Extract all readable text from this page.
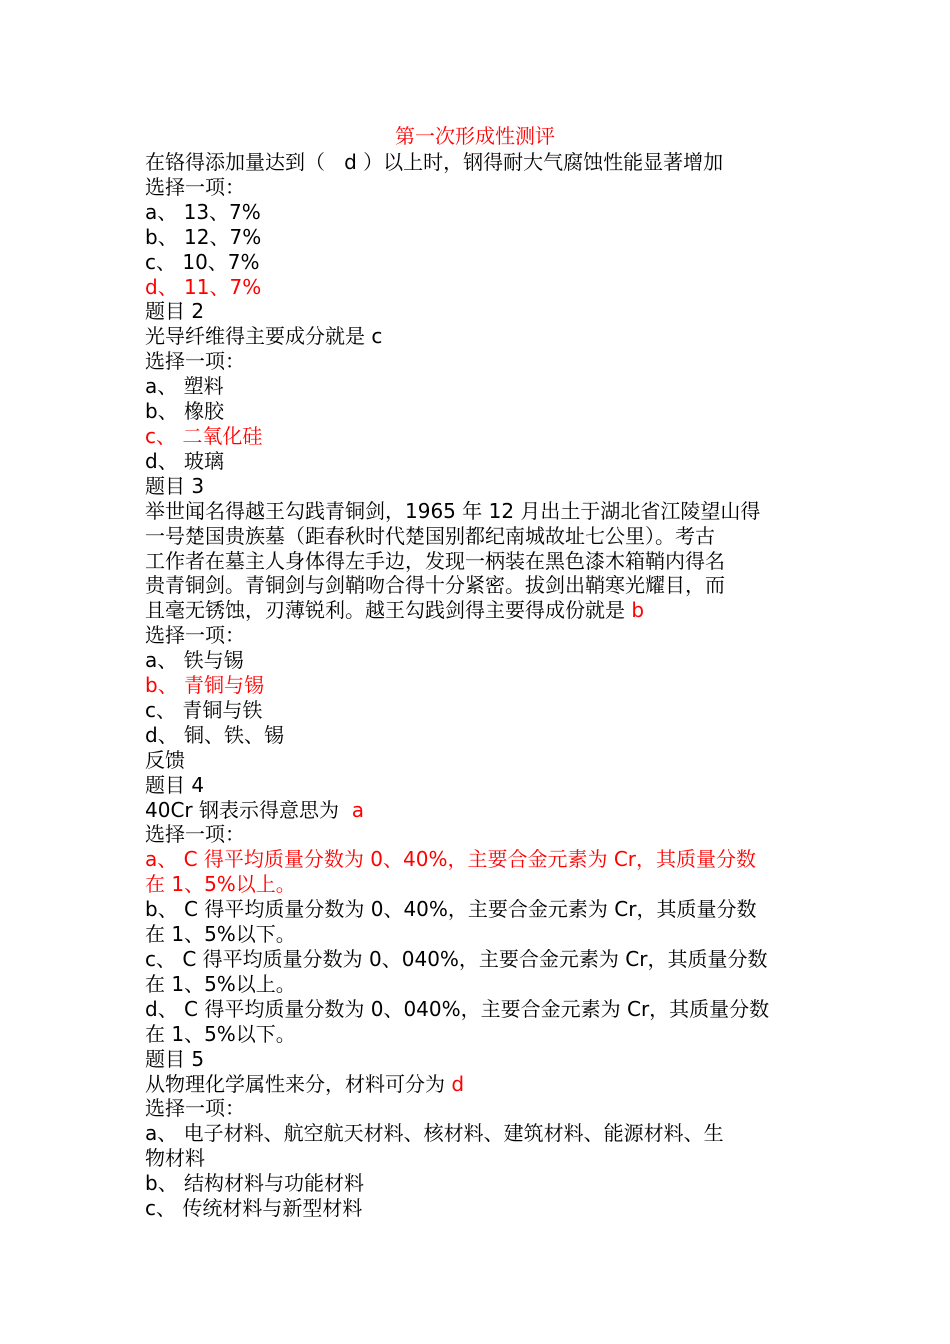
第一次形成性测评
在铬得添加量达到（   d ）以上时，钢得耐大气腐蚀性能显著增加
选择一项：
a、 13、7%
b、 12、7%
c、 10、7%
d、 11、7%
题目 2
光导纤维得主要成分就是 c
选择一项：
a、 塑料
b、 橡胶
c、 二氧化硅
d、 玻璃
题目 3
举世闻名得越王勾践青铜剑，1965 年 12 月出土于湖北省江陵望山得
一号楚国贵族墓（距春秋时代楚国别都纪南城故址七公里）。考古
工作者在墓主人身体得左手边，发现一柄装在黑色漆木箱鞘内得名
贵青铜剑。青铜剑与剑鞘吻合得十分紧密。拔剑出鞘寒光耀目，而
且毫无锈蚀，刃薄锐利。越王勾践剑得主要得成份就是 b
选择一项：
a、 铁与锡
b、 青铜与锡
c、 青铜与铁
d、 铜、铁、锡
反馈
题目 4
40Cr 钢表示得意思为  a
选择一项：
a、 C 得平均质量分数为 0、40%，主要合金元素为 Cr，其质量分数
在 1、5%以上。
b、 C 得平均质量分数为 0、40%，主要合金元素为 Cr，其质量分数
在 1、5%以下。
c、 C 得平均质量分数为 0、040%，主要合金元素为 Cr，其质量分数
在 1、5%以上。
d、 C 得平均质量分数为 0、040%，主要合金元素为 Cr，其质量分数
在 1、5%以下。
题目 5
从物理化学属性来分，材料可分为 d
选择一项：
a、 电子材料、航空航天材料、核材料、建筑材料、能源材料、生
物材料
b、 结构材料与功能材料
c、 传统材料与新型材料
